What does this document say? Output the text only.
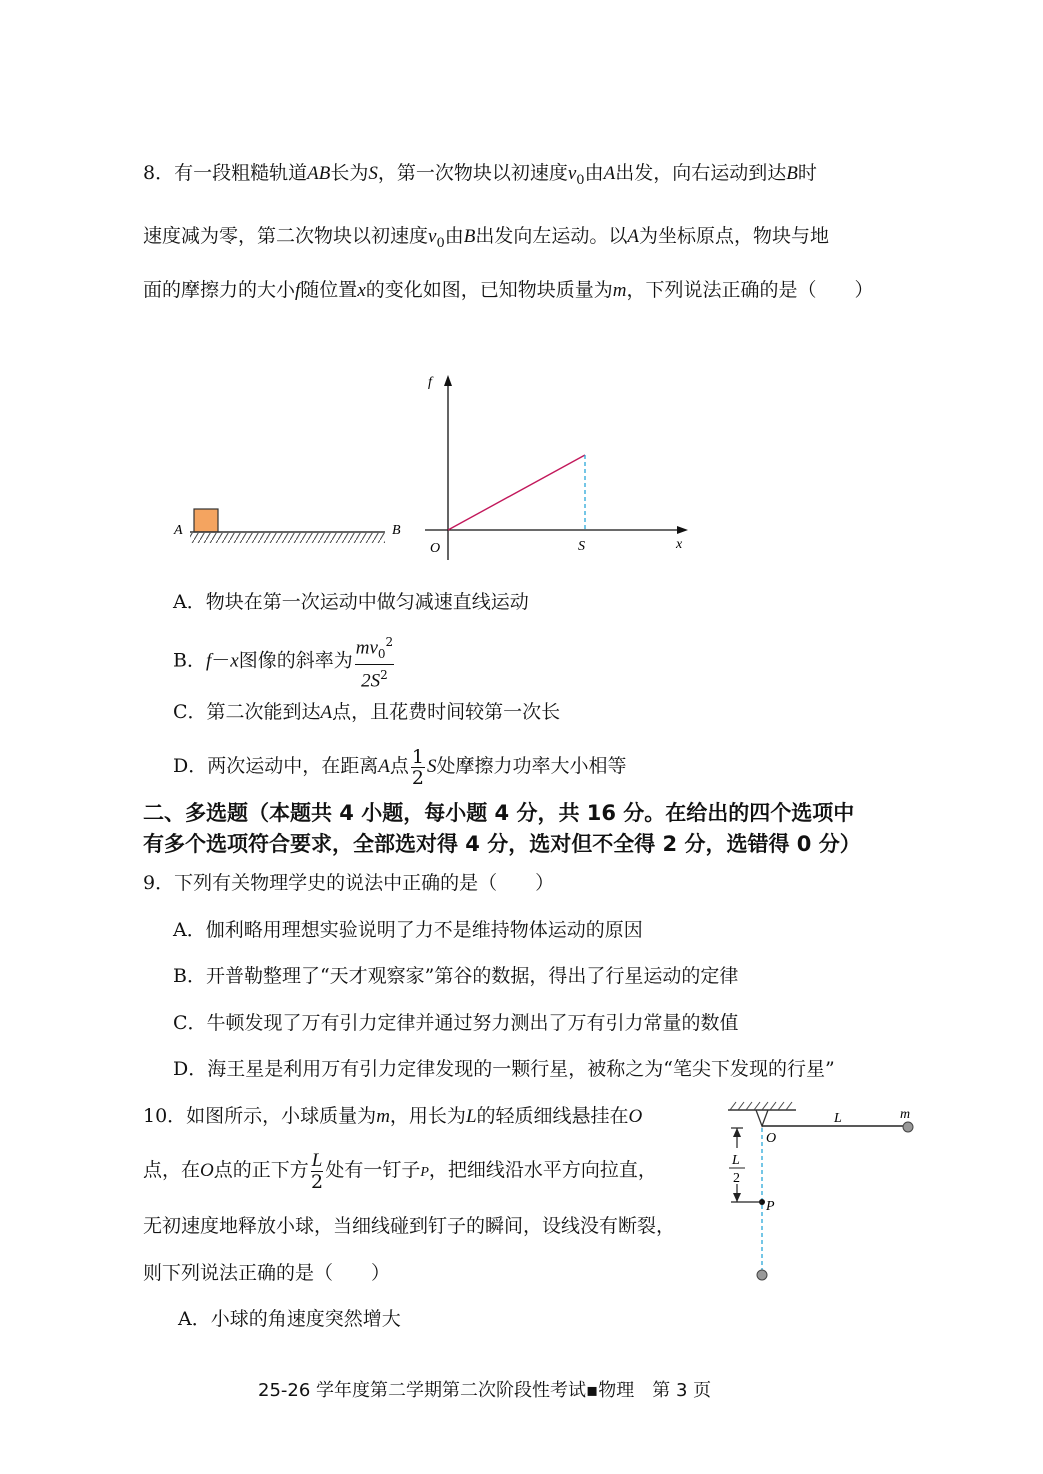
8．有一段粗糙轨道AB长为S，第一次物块以初速度$v_0$由A出发，向右运动到达B时
速度减为零，第二次物块以初速度$v_0$由B出发向左运动。以A为坐标原点，物块与地
面的摩擦力的大小f随位置x的变化如图，已知物块质量为m，下列说法正确的是（　　）
A	B
f
x
O	S
A．物块在第一次运动中做匀减速直线运动
B．f－x图像的斜率为 $\frac{mv_0^2}{2S^2}$
C．第二次能到达A点，且花费时间较第一次长
D．两次运动中，在距离A点 $\frac{1}{2}$ S处摩擦力功率大小相等
二、多选题（本题共 4 小题，每小题 4 分，共 16 分。在给出的四个选项中
有多个选项符合要求，全部选对得 4 分，选对但不全得 2 分，选错得 0 分）
9．下列有关物理学史的说法中正确的是（　　）
A．伽利略用理想实验说明了力不是维持物体运动的原因
B．开普勒整理了“天才观察家”第谷的数据，得出了行星运动的定律
C．牛顿发现了万有引力定律并通过努力测出了万有引力常量的数值
D．海王星是利用万有引力定律发现的一颗行星，被称之为“笔尖下发现的行星”
10．如图所示，小球质量为m，用长为L的轻质细线悬挂在O
点，在O点的正下方 $\frac{L}{2}$ 处有一钉子P，把细线沿水平方向拉直，
无初速度地释放小球，当细线碰到钉子的瞬间，设线没有断裂，
则下列说法正确的是（　　）
A．小球的角速度突然增大
L
2
O
L	m
P
25-26 学年度第二学期第二次阶段性考试▪物理　第 3 页
